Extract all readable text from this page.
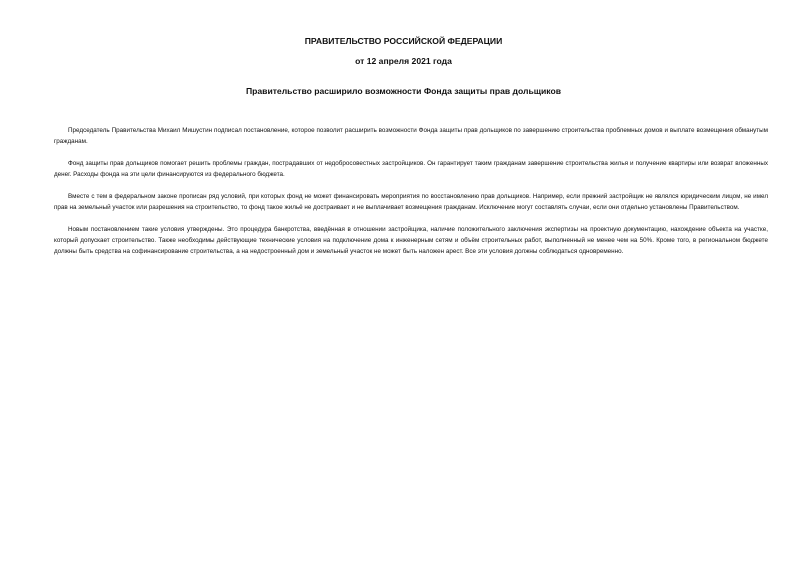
ПРАВИТЕЛЬСТВО РОССИЙСКОЙ ФЕДЕРАЦИИ
от 12 апреля 2021 года
Правительство расширило возможности Фонда защиты прав дольщиков

Председатель Правительства Михаил Мишустин подписал постановление, которое позволит расширить возможности Фонда защиты прав дольщиков по завершению строительства проблемных домов и выплате возмещения обманутым гражданам.

Фонд защиты прав дольщиков помогает решить проблемы граждан, пострадавших от недобросовестных застройщиков. Он гарантирует таким гражданам завершение строительства жилья и получение квартиры или возврат вложенных денег. Расходы фонда на эти цели финансируются из федерального бюджета.

Вместе с тем в федеральном законе прописан ряд условий, при которых фонд не может финансировать мероприятия по восстановлению прав дольщиков. Например, если прежний застройщик не являлся юридическим лицом, не имел прав на земельный участок или разрешения на строительство, то фонд такое жильё не достраивает и не выплачивает возмещения гражданам. Исключение могут составлять случаи, если они отдельно установлены Правительством.

Новым постановлением такие условия утверждены. Это процедура банкротства, введённая в отношении застройщика, наличие положительного заключения экспертизы на проектную документацию, нахождение объекта на участке, который допускает строительство. Также необходимы действующие технические условия на подключение дома к инженерным сетям и объём строительных работ, выполненный не менее чем на 50%. Кроме того, в региональном бюджете должны быть средства на софинансирование строительства, а на недостроенный дом и земельный участок не может быть наложен арест. Все эти условия должны соблюдаться одновременно.
